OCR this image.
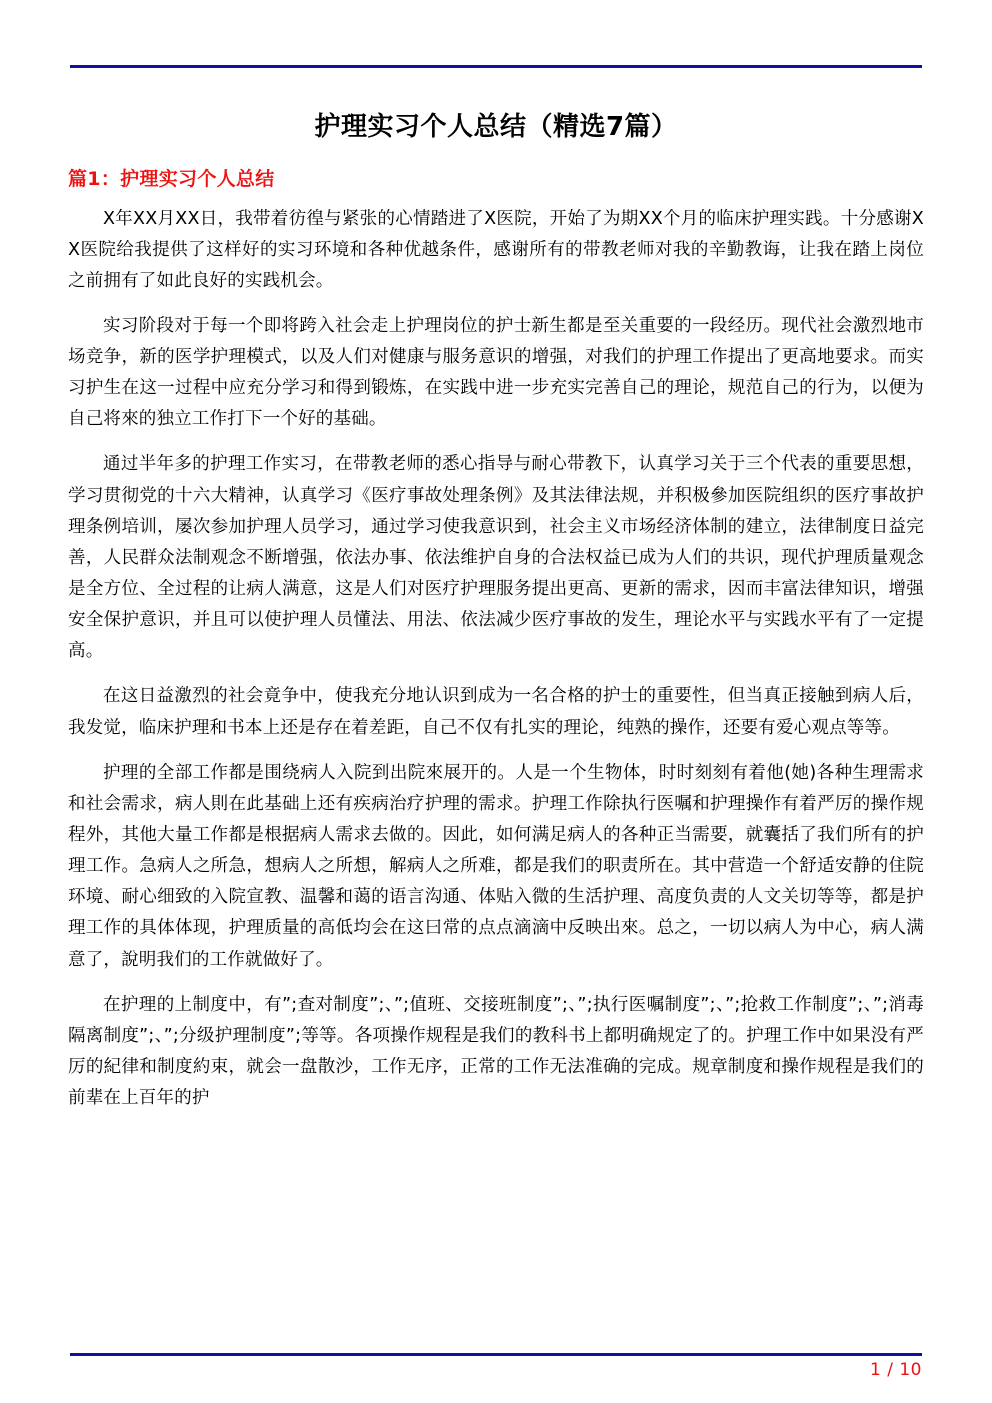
护理实习个人总结（精选7篇）
篇1：护理实习个人总结

X年XX月XX日，我带着彷徨与紧张的心情踏进了X医院，开始了为期XX个月的临床护理实践。十分感谢XX医院给我提供了这样好的实习环境和各种优越条件，感谢所有的带教老师对我的辛勤教诲，让我在踏上岗位之前拥有了如此良好的实践机会。

实习阶段对于每一个即将跨入社会走上护理岗位的护士新生都是至关重要的一段经历。现代社会激烈地市场竞争，新的医学护理模式，以及人们对健康与服务意识的增强，对我们的护理工作提出了更高地要求。而实习护生在这一过程中应充分学习和得到锻炼，在实践中进一步充实完善自己的理论，规范自己的行为，以便为自己将來的独立工作打下一个好的基础。

通过半年多的护理工作实习，在带教老师的悉心指导与耐心带教下，认真学习关于三个代表的重要思想，学习贯彻党的十六大精神，认真学习《医疗事故处理条例》及其法律法规，并积极參加医院组织的医疗事故护理条例培训，屡次参加护理人员学习，通过学习使我意识到，社会主义市场经济体制的建立，法律制度日益完善，人民群众法制观念不断增强，依法办事、依法维护自身的合法权益已成为人们的共识，现代护理质量观念是全方位、全过程的让病人满意，这是人们对医疗护理服务提出更高、更新的需求，因而丰富法律知识，增强安全保护意识，并且可以使护理人员懂法、用法、依法减少医疗事故的发生，理论水平与实践水平有了一定提高。

在这日益激烈的社会竟争中，使我充分地认识到成为一名合格的护士的重要性，但当真正接触到病人后，我发觉，临床护理和书本上还是存在着差距，自己不仅有扎实的理论，纯熟的操作，还要有爱心观点等等。

护理的全部工作都是围绕病人入院到出院來展开的。人是一个生物体，时时刻刻有着他(她)各种生理需求和社会需求，病人則在此基础上还有疾病治疗护理的需求。护理工作除执行医嘱和护理操作有着严厉的操作规程外，其他大量工作都是根据病人需求去做的。因此，如何满足病人的各种正当需要，就囊括了我们所有的护理工作。急病人之所急，想病人之所想，解病人之所难，都是我们的职责所在。其中营造一个舒适安静的住院环境、耐心细致的入院宣教、温馨和蔼的语言沟通、体贴入微的生活护理、高度负责的人文关切等等，都是护理工作的具体体现，护理质量的高低均会在这曰常的点点滴滴中反映出來。总之，一切以病人为中心，病人满意了，說明我们的工作就做好了。

在护理的上制度中，有”;查对制度”;、”;值班、交接班制度”;、”;执行医嘱制度”;、”;抢救工作制度”;、”;消毒隔离制度”;、”;分级护理制度”;等等。各项操作规程是我们的教科书上都明确规定了的。护理工作中如果没有严厉的紀律和制度約束，就会一盘散沙，工作无序，正常的工作无法准确的完成。规章制度和操作规程是我们的前辈在上百年的护

1 / 10
